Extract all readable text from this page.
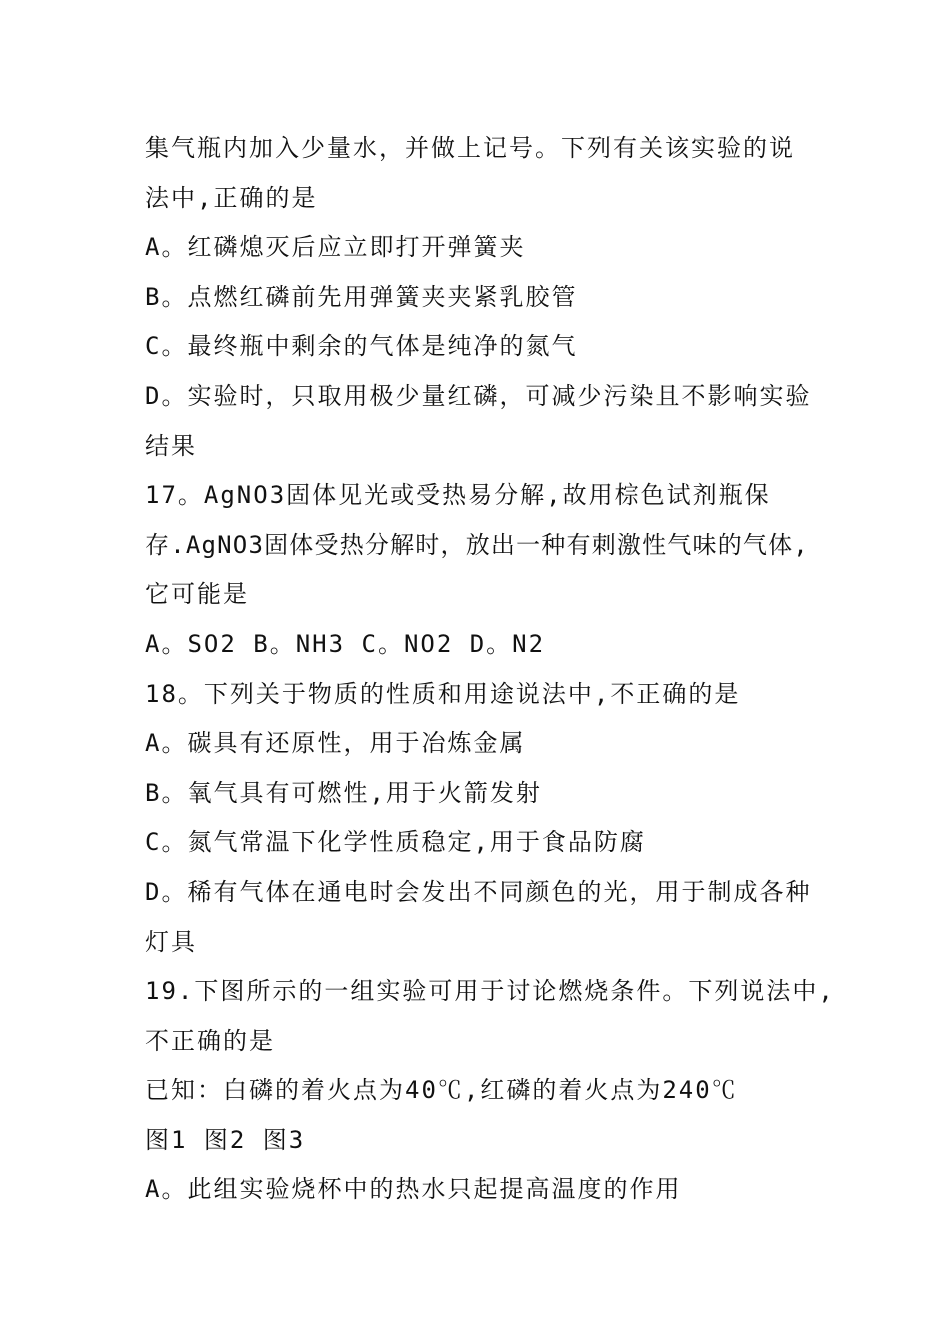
集气瓶内加入少量水，并做上记号。下列有关该实验的说
法中,正确的是
A。红磷熄灭后应立即打开弹簧夹
B。点燃红磷前先用弹簧夹夹紧乳胶管
C。最终瓶中剩余的气体是纯净的氮气
D。实验时，只取用极少量红磷，可减少污染且不影响实验
结果
17。AgNO3固体见光或受热易分解,故用棕色试剂瓶保
存.AgNO3固体受热分解时，放出一种有刺激性气味的气体,
它可能是
A。SO2 B。NH3 C。NO2 D。N2
18。下列关于物质的性质和用途说法中,不正确的是
A。碳具有还原性，用于冶炼金属
B。氧气具有可燃性,用于火箭发射
C。氮气常温下化学性质稳定,用于食品防腐
D。稀有气体在通电时会发出不同颜色的光，用于制成各种
灯具
19.下图所示的一组实验可用于讨论燃烧条件。下列说法中,
不正确的是
已知：白磷的着火点为40℃,红磷的着火点为240℃
图1 图2 图3
A。此组实验烧杯中的热水只起提高温度的作用
